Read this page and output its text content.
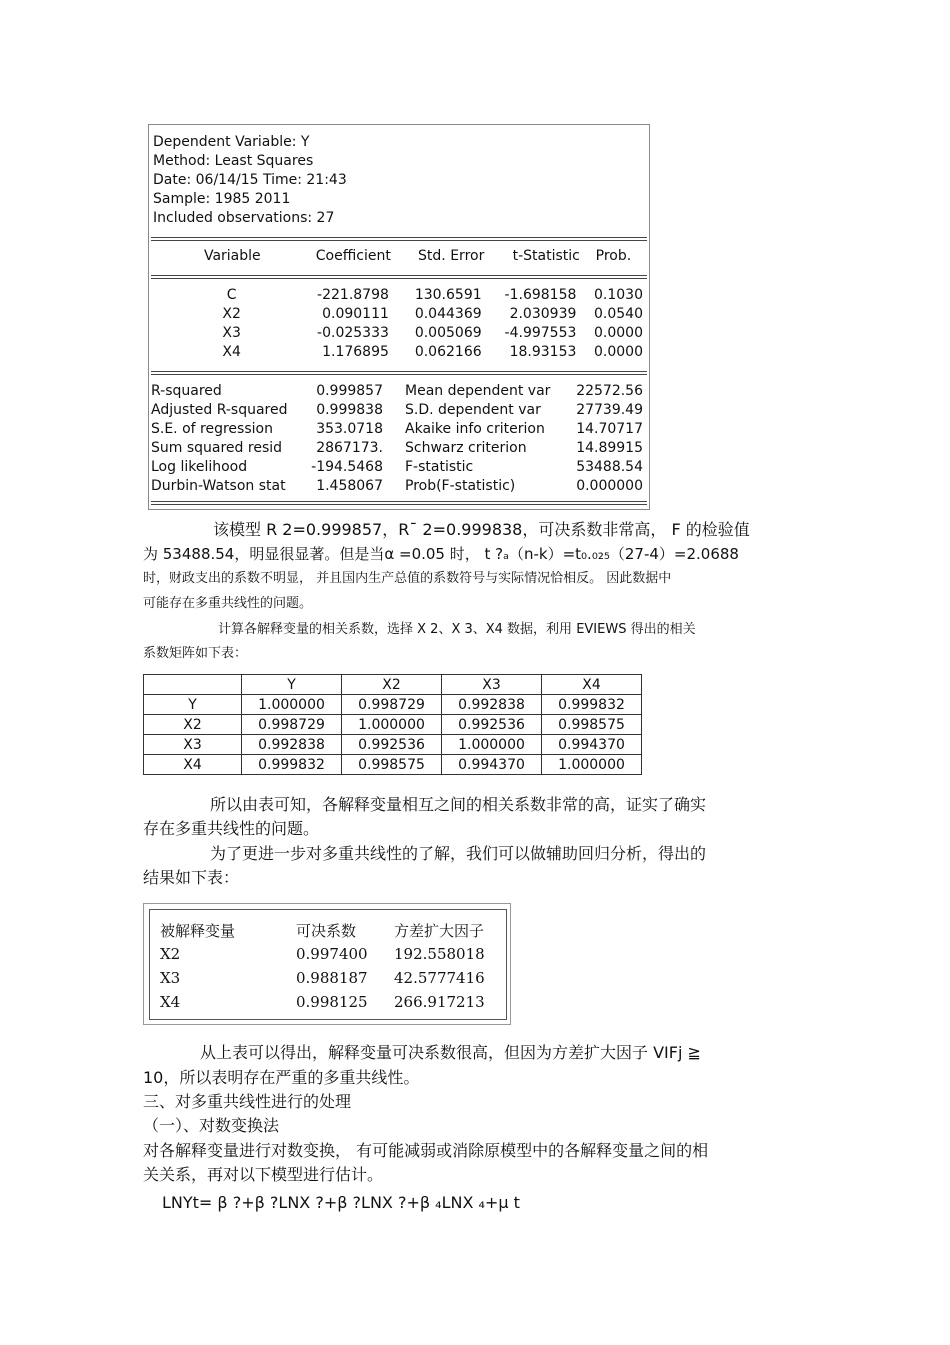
Dependent Variable: Y
Method: Least Squares
Date: 06/14/15 Time: 21:43
Sample: 1985 2011
Included observations: 27
Variable	Coefficient	Std. Error	t-Statistic	Prob.
C	-221.8798	130.6591	-1.698158	0.1030
X2	0.090111	0.044369	2.030939	0.0540
X3	-0.025333	0.005069	-4.997553	0.0000
X4	1.176895	0.062166	18.93153	0.0000
R-squared	0.999857	Mean dependent var	22572.56
Adjusted R-squared	0.999838	S.D. dependent var	27739.49
S.E. of regression	353.0718	Akaike info criterion	14.70717
Sum squared resid	2867173.	Schwarz criterion	14.89915
Log likelihood	-194.5468	F-statistic	53488.54
Durbin-Watson stat	1.458067	Prob(F-statistic)	0.000000
该模型 R 2=0.999857，R¯ 2=0.999838，可决系数非常高， F 的检验值
为 53488.54，明显很显著。但是当α =0.05 时， t ?ₐ（n-k）=t₀.₀₂₅（27-4）=2.0688
时，财政支出的系数不明显， 并且国内生产总值的系数符号与实际情况恰相反。 因此数据中
可能存在多重共线性的问题。
计算各解释变量的相关系数，选择 X 2、X 3、X4 数据，利用 EVIEWS 得出的相关
系数矩阵如下表：
	Y	X2	X3	X4
Y	1.000000	0.998729	0.992838	0.999832
X2	0.998729	1.000000	0.992536	0.998575
X3	0.992838	0.992536	1.000000	0.994370
X4	0.999832	0.998575	0.994370	1.000000
所以由表可知，各解释变量相互之间的相关系数非常的高，证实了确实
存在多重共线性的问题。
为了更进一步对多重共线性的了解，我们可以做辅助回归分析，得出的
结果如下表：
被解释变量	可决系数	方差扩大因子
X2	0.997400	192.558018
X3	0.988187	42.5777416
X4	0.998125	266.917213
从上表可以得出，解释变量可决系数很高，但因为方差扩大因子 VIFj ≧
10，所以表明存在严重的多重共线性。
三、对多重共线性进行的处理
（一）、对数变换法
对各解释变量进行对数变换， 有可能减弱或消除原模型中的各解释变量之间的相
关关系，再对以下模型进行估计。
LNYt= β ?+β ?LNX ?+β ?LNX ?+β ₄LNX ₄+μ t
